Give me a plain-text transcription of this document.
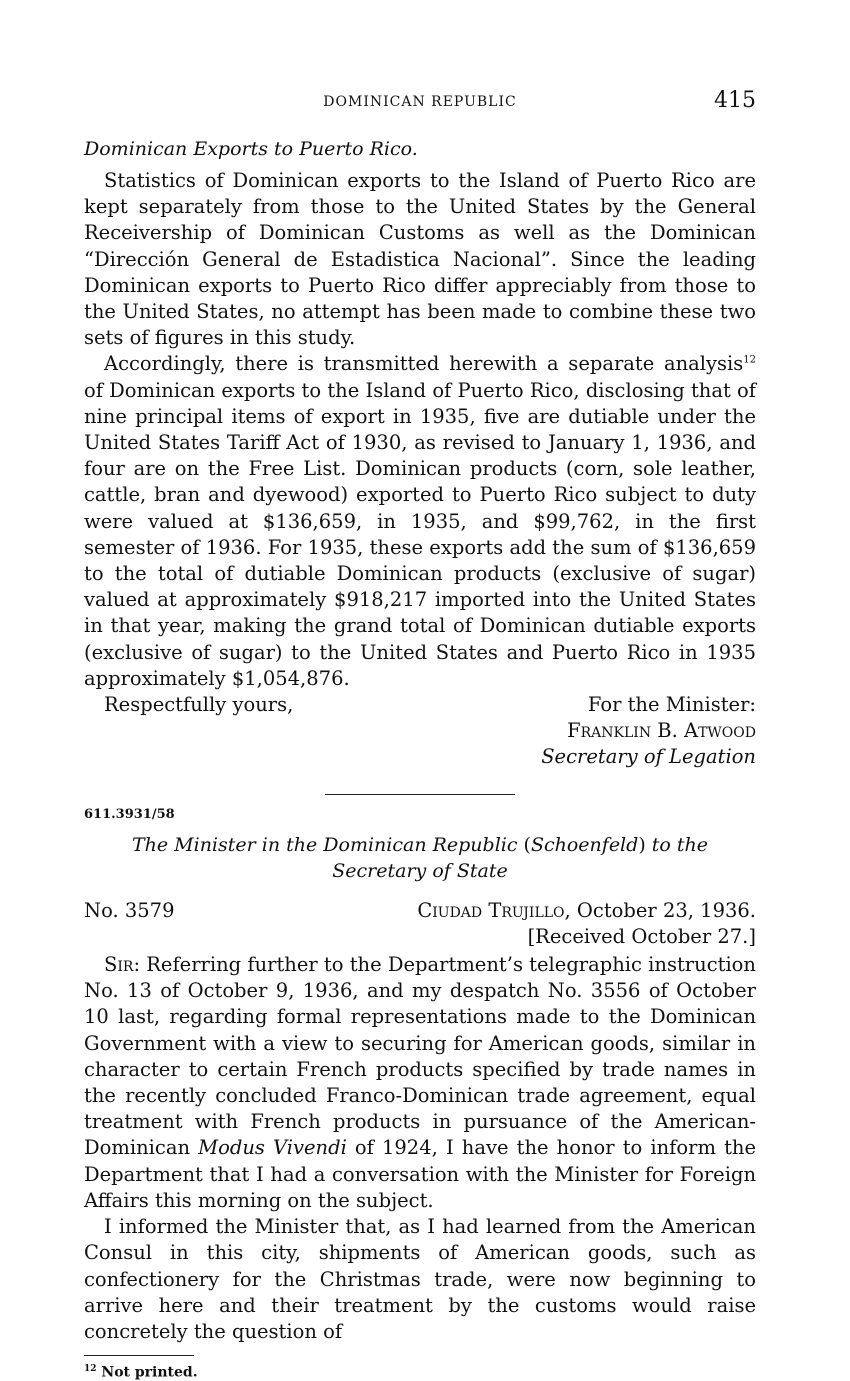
DOMINICAN REPUBLIC	415
Dominican Exports to Puerto Rico.

Statistics of Dominican exports to the Island of Puerto Rico are kept separately from those to the United States by the General Receivership of Dominican Customs as well as the Dominican “Dirección General de Estadistica Nacional”. Since the leading Dominican exports to Puerto Rico differ appreciably from those to the United States, no attempt has been made to combine these two sets of figures in this study.

Accordingly, there is transmitted herewith a separate analysis$^{12}$ of Dominican exports to the Island of Puerto Rico, disclosing that of nine principal items of export in 1935, five are dutiable under the United States Tariff Act of 1930, as revised to January 1, 1936, and four are on the Free List. Dominican products (corn, sole leather, cattle, bran and dyewood) exported to Puerto Rico subject to duty were valued at $136,659, in 1935, and $99,762, in the first semester of 1936. For 1935, these exports add the sum of $136,659 to the total of dutiable Dominican products (exclusive of sugar) valued at approximately $918,217 imported into the United States in that year, making the grand total of Dominican dutiable exports (exclusive of sugar) to the United States and Puerto Rico in 1935 approximately $1,054,876.

Respectfully yours,	For the Minister:
Franklin B. Atwood
Secretary of Legation
611.3931/58
The Minister in the Dominican Republic (Schoenfeld) to the
Secretary of State
No. 3579	Ciudad Trujillo, October 23, 1936.
[Received October 27.]

Sir: Referring further to the Department’s telegraphic instruction No. 13 of October 9, 1936, and my despatch No. 3556 of October 10 last, regarding formal representations made to the Dominican Government with a view to securing for American goods, similar in character to certain French products specified by trade names in the recently concluded Franco-Dominican trade agreement, equal treatment with French products in pursuance of the American-Dominican Modus Vivendi of 1924, I have the honor to inform the Department that I had a conversation with the Minister for Foreign Affairs this morning on the subject.

I informed the Minister that, as I had learned from the American Consul in this city, shipments of American goods, such as confectionery for the Christmas trade, were now beginning to arrive here and their treatment by the customs would raise concretely the question of

$^{12}$ Not printed.
